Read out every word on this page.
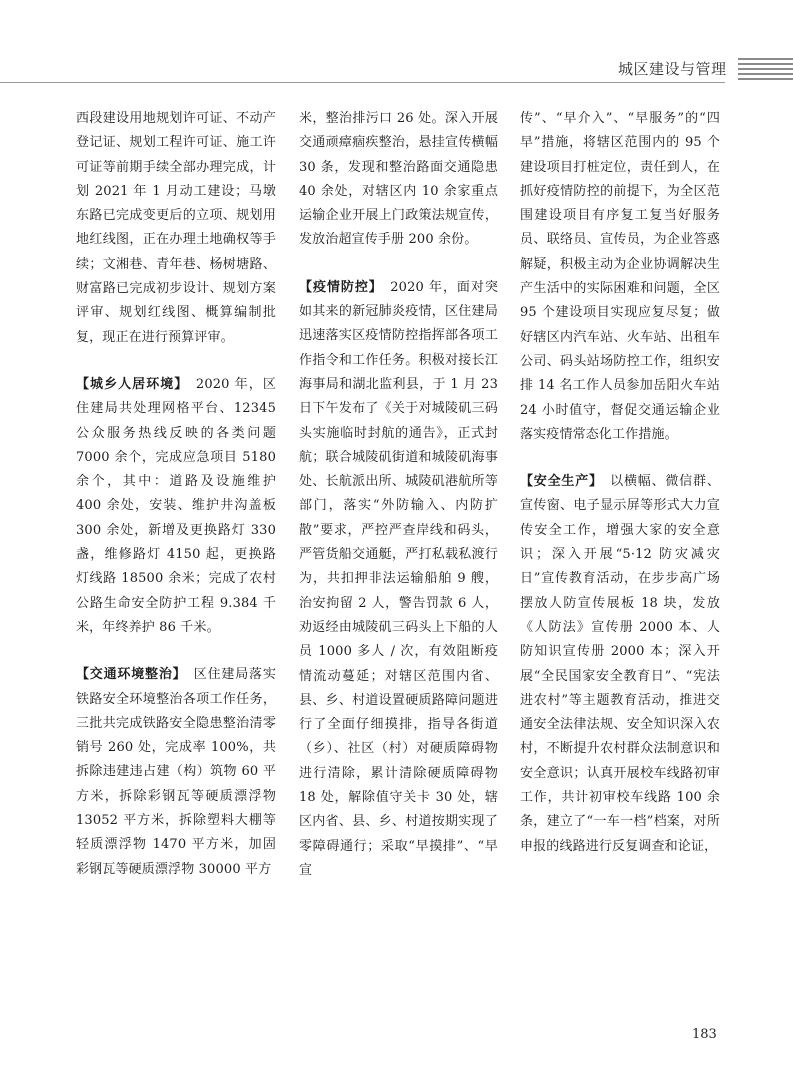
城区建设与管理

西段建设用地规划许可证、不动产登记证、规划工程许可证、施工许可证等前期手续全部办理完成，计划 2021 年 1 月动工建设；马墩东路已完成变更后的立项、规划用地红线图，正在办理土地确权等手续；文湘巷、青年巷、杨树塘路、财富路已完成初步设计、规划方案评审、规划红线图、概算编制批复，现正在进行预算评审。

【城乡人居环境】　 2020 年，区住建局共处理网格平台、12345 公众服务热线反映的各类问题 7000 余个，完成应急项目 5180 余个，其中：道路及设施维护 400 余处，安装、维护井沟盖板 300 余处，新增及更换路灯 330 盏，维修路灯 4150 起，更换路灯线路 18500 余米；完成了农村公路生命安全防护工程 9.384 千米，年终养护 86 千米。

【交通环境整治】　 区住建局落实铁路安全环境整治各项工作任务，三批共完成铁路安全隐患整治清零销号 260 处，完成率 100%，共拆除违建违占建（构）筑物 60 平方米，拆除彩钢瓦等硬质漂浮物 13052 平方米，拆除塑料大棚等轻质漂浮物 1470 平方米，加固彩钢瓦等硬质漂浮物 30000 平方

米，整治排污口 26 处。深入开展交通顽瘴痼疾整治，悬挂宣传横幅 30 条，发现和整治路面交通隐患 40 余处，对辖区内 10 余家重点运输企业开展上门政策法规宣传，发放治超宣传手册 200 余份。

【疫情防控】　 2020 年，面对突如其来的新冠肺炎疫情，区住建局迅速落实区疫情防控指挥部各项工作指令和工作任务。积极对接长江海事局和湖北监利县，于 1 月 23 日下午发布了《关于对城陵矶三码头实施临时封航的通告》，正式封航；联合城陵矶街道和城陵矶海事处、长航派出所、城陵矶港航所等部门，落实“外防输入、内防扩散”要求，严控严查岸线和码头，严管货船交通艇，严打私载私渡行为，共扣押非法运输船舶 9 艘，治安拘留 2 人，警告罚款 6 人，劝返经由城陵矶三码头上下船的人员 1000 多人 / 次，有效阻断疫情流动蔓延；对辖区范围内省、县、乡、村道设置硬质路障问题进行了全面仔细摸排，指导各街道（乡）、社区（村）对硬质障碍物进行清除，累计清除硬质障碍物 18 处，解除值守关卡 30 处，辖区内省、县、乡、村道按期实现了零障碍通行；采取“早摸排”、“早宣

传”、“早介入”、“早服务”的“四早”措施，将辖区范围内的 95 个建设项目打桩定位，责任到人，在抓好疫情防控的前提下，为全区范围建设项目有序复工复当好服务员、联络员、宣传员，为企业答惑解疑，积极主动为企业协调解决生产生活中的实际困难和问题，全区 95 个建设项目实现应复尽复；做好辖区内汽车站、火车站、出租车公司、码头站场防控工作，组织安排 14 名工作人员参加岳阳火车站 24 小时值守，督促交通运输企业落实疫情常态化工作措施。

【安全生产】　 以横幅、微信群、宣传窗、电子显示屏等形式大力宣传安全工作，增强大家的安全意识；深入开展“5·12 防灾减灾日”宣传教育活动，在步步高广场摆放人防宣传展板 18 块，发放《人防法》宣传册 2000 本、人防知识宣传册 2000 本；深入开展“全民国家安全教育日”、“宪法进农村”等主题教育活动，推进交通安全法律法规、安全知识深入农村，不断提升农村群众法制意识和安全意识；认真开展校车线路初审工作，共计初审校车线路 100 余条，建立了“一车一档”档案，对所申报的线路进行反复调查和论证，

183
